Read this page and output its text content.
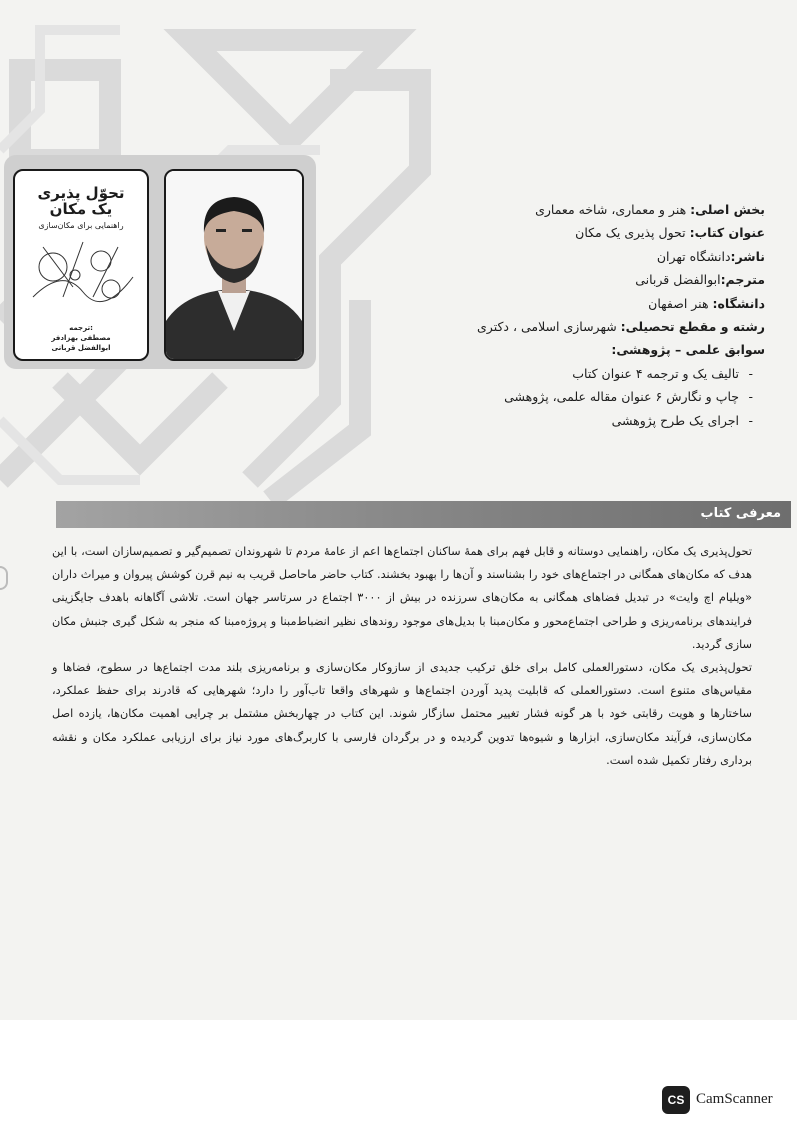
تحوّل پذیری
یک مکان
راهنمایی برای مکان‌سازی
ترجمه:
مصطفی بهزادفر
ابوالفضل قربانی
بخش اصلی: هنر و معماری، شاخه معماری
عنوان کتاب: تحول پذیری یک مکان
ناشر:دانشگاه تهران
مترجم:ابوالفضل قربانی
دانشگاه: هنر اصفهان
رشته و مقطع تحصیلی: شهرسازی اسلامی ، دکتری
سوابق علمی – پژوهشی:
- تالیف یک و ترجمه ۴ عنوان کتاب
- چاپ و نگارش ۶ عنوان مقاله علمی، پژوهشی
- اجرای یک طرح پژوهشی
معرفی کتاب

تحول‌پذیری یک مکان، راهنمایی دوستانه و قابل فهم برای همهٔ ساکنان اجتماع‌ها اعم از عامهٔ مردم تا شهروندان تصمیم‌گیر و تصمیم‌سازان است، با این هدف که مکان‌های همگانی در اجتماع‌های خود را بشناسند و آن‌ها را بهبود بخشند. کتاب حاضر ماحاصل قریب به نیم قرن کوشش پیروان و میراث داران «ویلیام اچ وایت» در تبدیل فضاهای همگانی به مکان‌های سرزنده در بیش از ۳۰۰۰ اجتماع در سرتاسر جهان است. تلاشی آگاهانه باهدف جایگزینی فرایندهای برنامه‌ریزی و طراحی اجتماع‌محور و مکان‌مبنا با بدیل‌های موجود روندهای نظیر انضباط‌مبنا و پروژه‌مبنا که منجر به شکل گیری جنبش مکان سازی گردید.

تحول‌پذیری یک مکان، دستورالعملی کامل برای خلق ترکیب جدیدی از سازوکار مکان‌سازی و برنامه‌ریزی بلند مدت اجتماع‌ها در سطوح، فضاها و مقیاس‌های متنوع است. دستورالعملی که قابلیت پدید آوردن اجتماع‌ها و شهرهای واقعا تاب‌آور را دارد؛ شهرهایی که قادرند برای حفظ عملکرد، ساختارها و هویت رقابتی خود با هر گونه فشار تغییر محتمل سازگار شوند. این کتاب در چهاربخش مشتمل بر چرایی اهمیت مکان‌ها، یازده اصل مکان‌سازی، فرآیند مکان‌سازی، ابزارها و شیوه‌ها تدوین گردیده و در برگردان فارسی با کاربرگ‌های مورد نیاز برای ارزیابی عملکرد مکان و نقشه برداری رفتار تکمیل شده است.

CS CamScanner
